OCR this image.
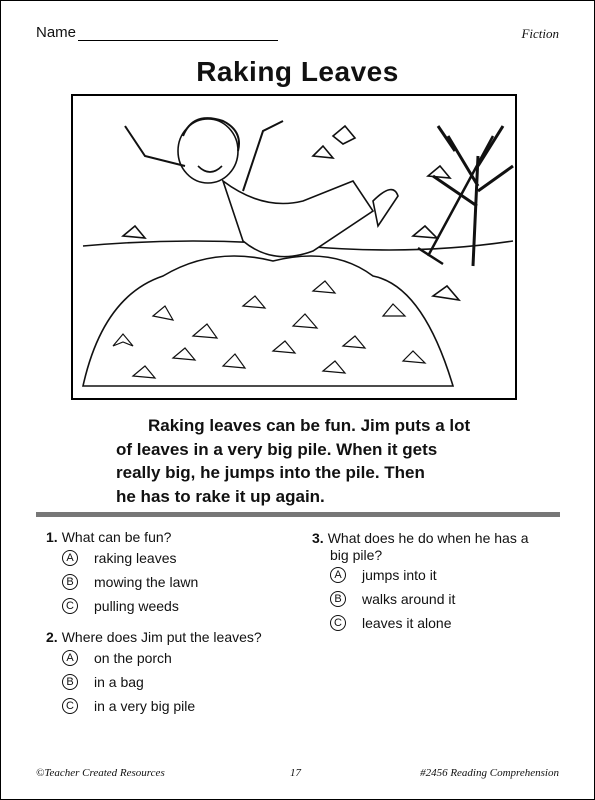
Name	Fiction
Raking Leaves
Raking leaves can be fun. Jim puts a lot
of leaves in a very big pile. When it gets
really big, he jumps into the pile. Then
he has to rake it up again.
1. What can be fun?
A	raking leaves
B	mowing the lawn
C pulling weeds
2. Where does Jim put the leaves?
A	on the porch
B	in a bag
C in a very big pile
3. What does he do when he has a
big pile?
A	jumps into it
B	walks around it
C leaves it alone
©Teacher Created Resources	17	#2456 Reading Comprehension
